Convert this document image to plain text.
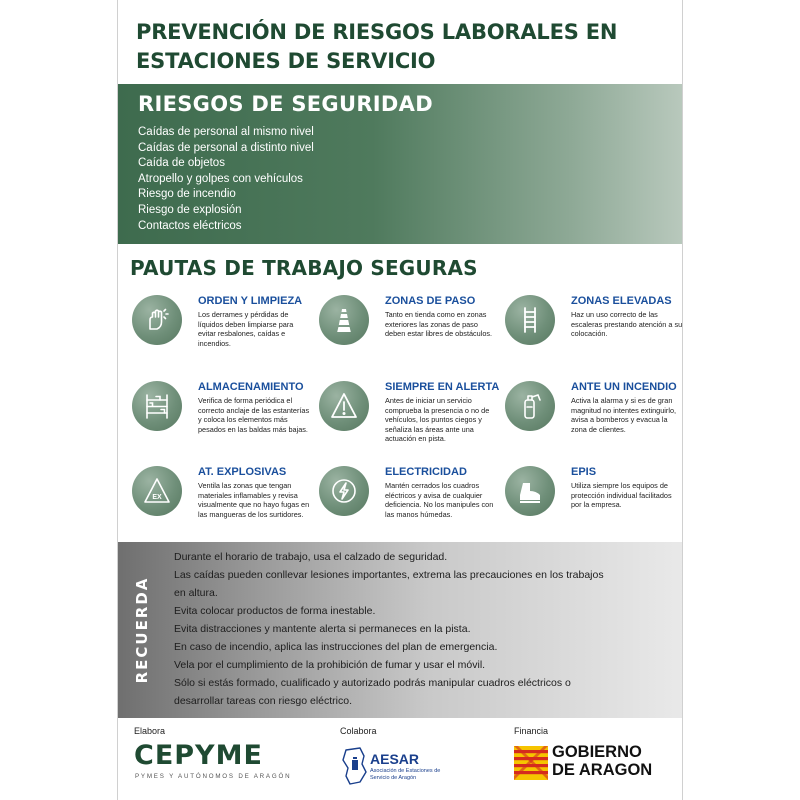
PREVENCIÓN DE RIESGOS LABORALES EN
ESTACIONES DE SERVICIO
RIESGOS DE SEGURIDAD
Caídas de personal al mismo nivel
Caídas de personal a distinto nivel
Caída de objetos
Atropello y golpes con vehículos
Riesgo de incendio
Riesgo de explosión
Contactos eléctricos
PAUTAS DE TRABAJO SEGURAS
ORDEN Y LIMPIEZA
Los derrames y pérdidas de líquidos deben limpiarse para evitar resbalones, caídas e incendios.
ZONAS DE PASO
Tanto en tienda como en zonas exteriores las zonas de paso deben estar libres de obstáculos.
ZONAS ELEVADAS
Haz un uso correcto de las escaleras prestando atención a su colocación.
ALMACENAMIENTO
Verifica de forma periódica el correcto anclaje de las estanterías y coloca los elementos más pesados en las baldas más bajas.
SIEMPRE EN ALERTA
Antes de iniciar un servicio comprueba la presencia o no de vehículos, los puntos ciegos y señaliza las áreas ante una actuación en pista.
ANTE UN INCENDIO
Activa la alarma y si es de gran magnitud no intentes extinguirlo, avisa a bomberos y evacua la zona de clientes.
EX
AT. EXPLOSIVAS
Ventila las zonas que tengan materiales inflamables y revisa visualmente que no hayo fugas en las mangueras de los surtidores.
ELECTRICIDAD
Mantén cerrados los cuadros eléctricos y avisa de cualquier deficiencia. No los manipules con las manos húmedas.
EPIS
Utiliza siempre los equipos de protección individual facilitados por la empresa.
RECUERDA
Durante el horario de trabajo, usa el calzado de seguridad.
Las caídas pueden conllevar lesiones importantes, extrema las precauciones en los trabajos
en altura.
Evita colocar productos de forma inestable.
Evita distracciones y mantente alerta si permaneces en la pista.
En caso de incendio, aplica las instrucciones del plan de emergencia.
Vela por el cumplimiento de la prohibición de fumar y usar el móvil.
Sólo si estás formado, cualificado y autorizado podrás manipular cuadros eléctricos o
desarrollar tareas con riesgo eléctrico.
Elabora
CEPYME
PYMES Y AUTÓNOMOS DE ARAGÓN
Colabora
AESAR
Asociación de Estaciones de Servicio de Aragón
Financia
GOBIERNO
DE ARAGON
